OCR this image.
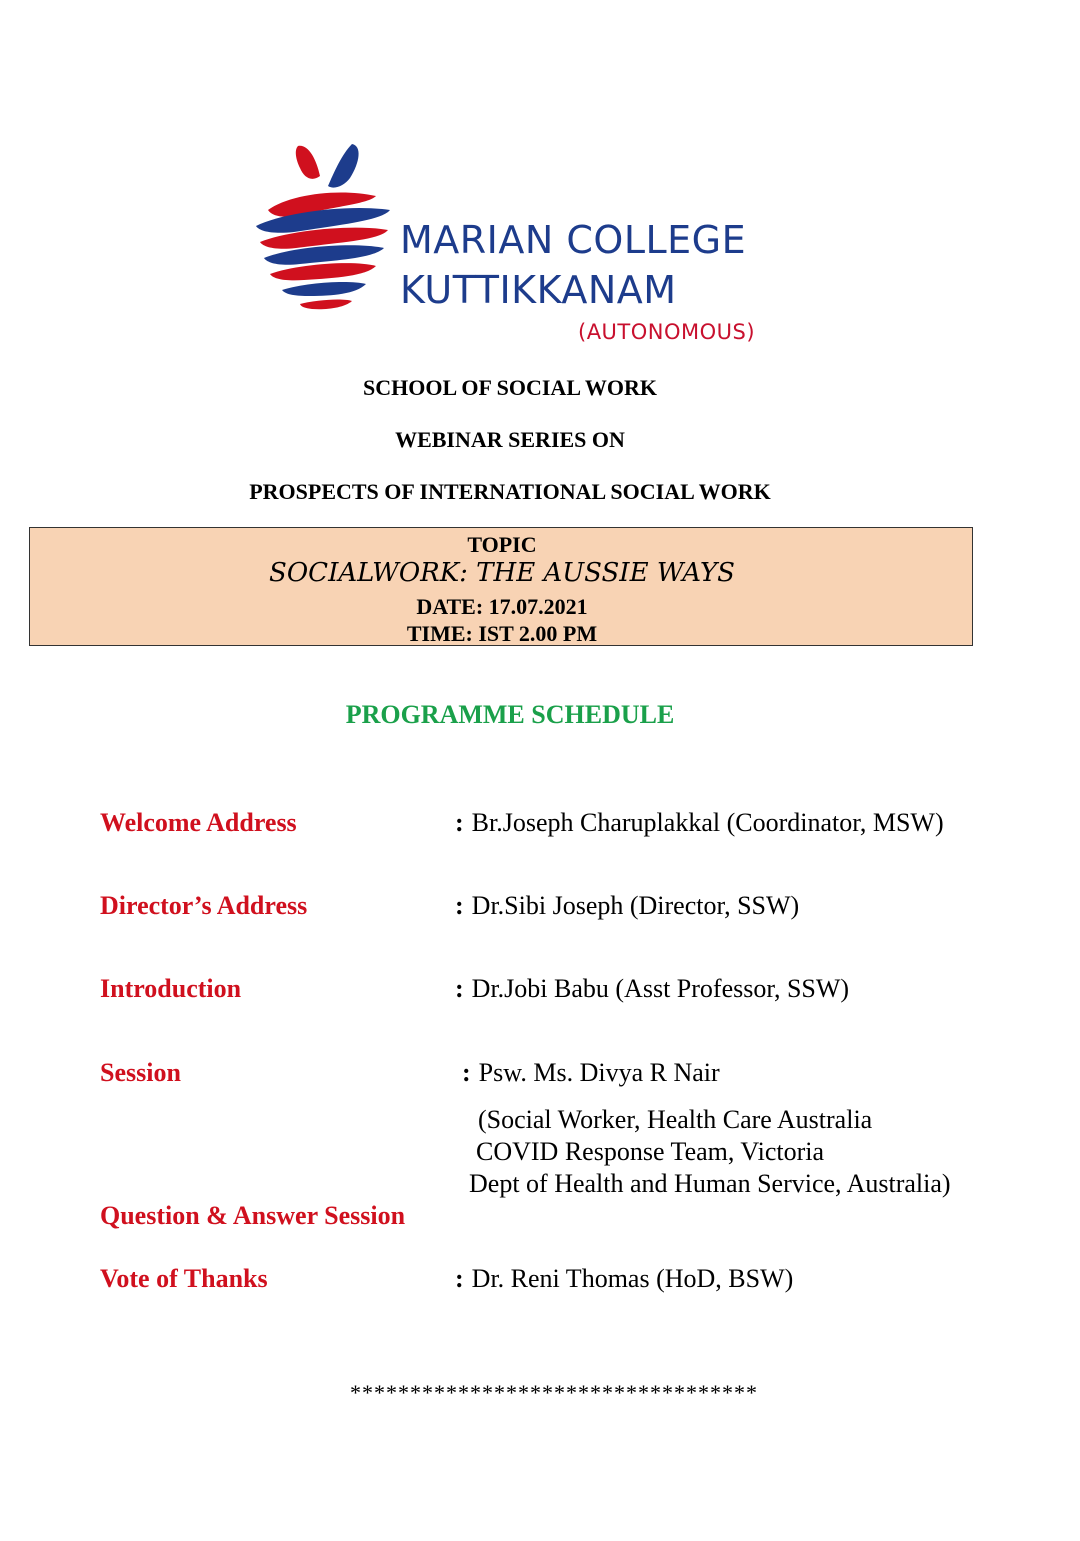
MARIAN COLLEGE
KUTTIKKANAM
(AUTONOMOUS)
SCHOOL OF SOCIAL WORK
WEBINAR SERIES ON
PROSPECTS OF INTERNATIONAL SOCIAL WORK
TOPIC
SOCIALWORK: THE AUSSIE WAYS
DATE: 17.07.2021
TIME: IST 2.00 PM
PROGRAMME SCHEDULE
Welcome Address	: Br.Joseph Charuplakkal (Coordinator, MSW)
Director’s Address	: Dr.Sibi Joseph (Director, SSW)
Introduction	: Dr.Jobi Babu (Asst Professor, SSW)
Session	: Psw. Ms. Divya R Nair
(Social Worker, Health Care Australia
COVID Response Team, Victoria
Dept of Health and Human Service, Australia)
Question & Answer Session
Vote of Thanks	: Dr. Reni Thomas (HoD, BSW)
**********************************
